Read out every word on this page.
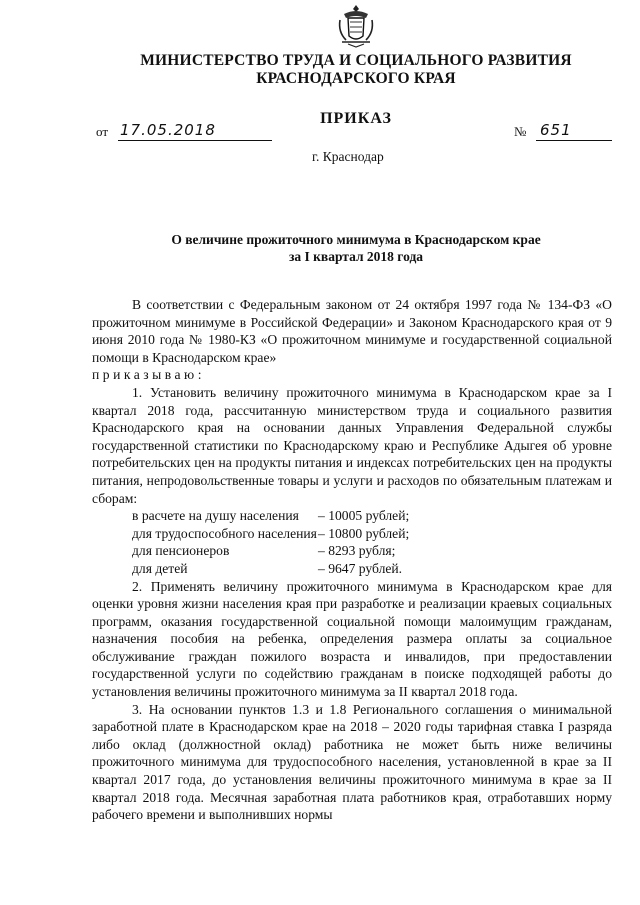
МИНИСТЕРСТВО ТРУДА И СОЦИАЛЬНОГО РАЗВИТИЯ
КРАСНОДАРСКОГО КРАЯ
ПРИКАЗ
от 17.05.2018	№ 651
г. Краснодар
О величине прожиточного минимума в Краснодарском крае
за I квартал 2018 года

В соответствии с Федеральным законом от 24 октября 1997 года № 134-ФЗ «О прожиточном минимуме в Российской Федерации» и Законом Краснодарского края от 9 июня 2010 года № 1980-КЗ «О прожиточном минимуме и государственной социальной помощи в Краснодарском крае»

приказываю:

1. Установить величину прожиточного минимума в Краснодарском крае за I квартал 2018 года, рассчитанную министерством труда и социального развития Краснодарского края на основании данных Управления Федеральной службы государственной статистики по Краснодарскому краю и Республике Адыгея об уровне потребительских цен на продукты питания и индексах потребительских цен на продукты питания, непродовольственные товары и услуги и расходов по обязательным платежам и сборам:

в расчете на душу населения	– 10005 рублей;
для трудоспособного населения – 10800 рублей;
для пенсионеров	– 8293 рубля;
для детей	– 9647 рублей.

2. Применять величину прожиточного минимума в Краснодарском крае для оценки уровня жизни населения края при разработке и реализации краевых социальных программ, оказания государственной социальной помощи малоимущим гражданам, назначения пособия на ребенка, определения размера оплаты за социальное обслуживание граждан пожилого возраста и инвалидов, при предоставлении государственной услуги по содействию гражданам в поиске подходящей работы до установления величины прожиточного минимума за II квартал 2018 года.

3. На основании пунктов 1.3 и 1.8 Регионального соглашения о минимальной заработной плате в Краснодарском крае на 2018 – 2020 годы тарифная ставка I разряда либо оклад (должностной оклад) работника не может быть ниже величины прожиточного минимума для трудоспособного населения, установленной в крае за II квартал 2017 года, до установления величины прожиточного минимума в крае за II квартал 2018 года. Месячная заработная плата работников края, отработавших норму рабочего времени и выполнивших нормы
